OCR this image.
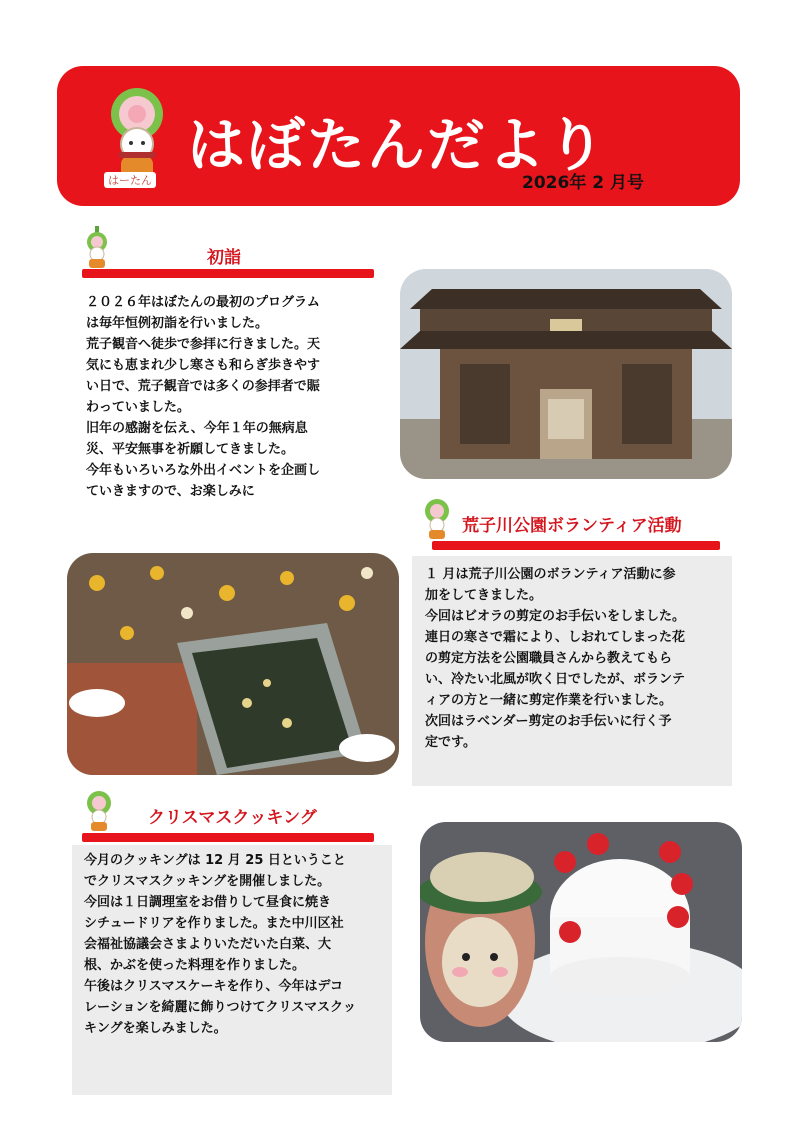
はーたん
はぼたんだより
2026年 2 月号
初詣

２０２６年はぼたんの最初のプログラム

は毎年恒例初詣を行いました。

荒子観音へ徒歩で参拝に行きました。天

気にも恵まれ少し寒さも和らぎ歩きやす

い日で、荒子観音では多くの参拝者で賑

わっていました。

旧年の感謝を伝え、今年１年の無病息

災、平安無事を祈願してきました。

今年もいろいろな外出イベントを企画し

ていきますので、お楽しみに

荒子川公園ボランティア活動

１ 月は荒子川公園のボランティア活動に参

加をしてきました。

今回はビオラの剪定のお手伝いをしました。

連日の寒さで霜により、しおれてしまった花

の剪定方法を公園職員さんから教えてもら

い、冷たい北風が吹く日でしたが、ボランテ

ィアの方と一緒に剪定作業を行いました。

次回はラベンダー剪定のお手伝いに行く予

定です。

クリスマスクッキング

今月のクッキングは 12 月 25 日ということ

でクリスマスクッキングを開催しました。

今回は１日調理室をお借りして昼食に焼き

シチュードリアを作りました。また中川区社

会福祉協議会さまよりいただいた白菜、大

根、かぶを使った料理を作りました。

午後はクリスマスケーキを作り、今年はデコ

レーションを綺麗に飾りつけてクリスマスクッ

キングを楽しみました。
